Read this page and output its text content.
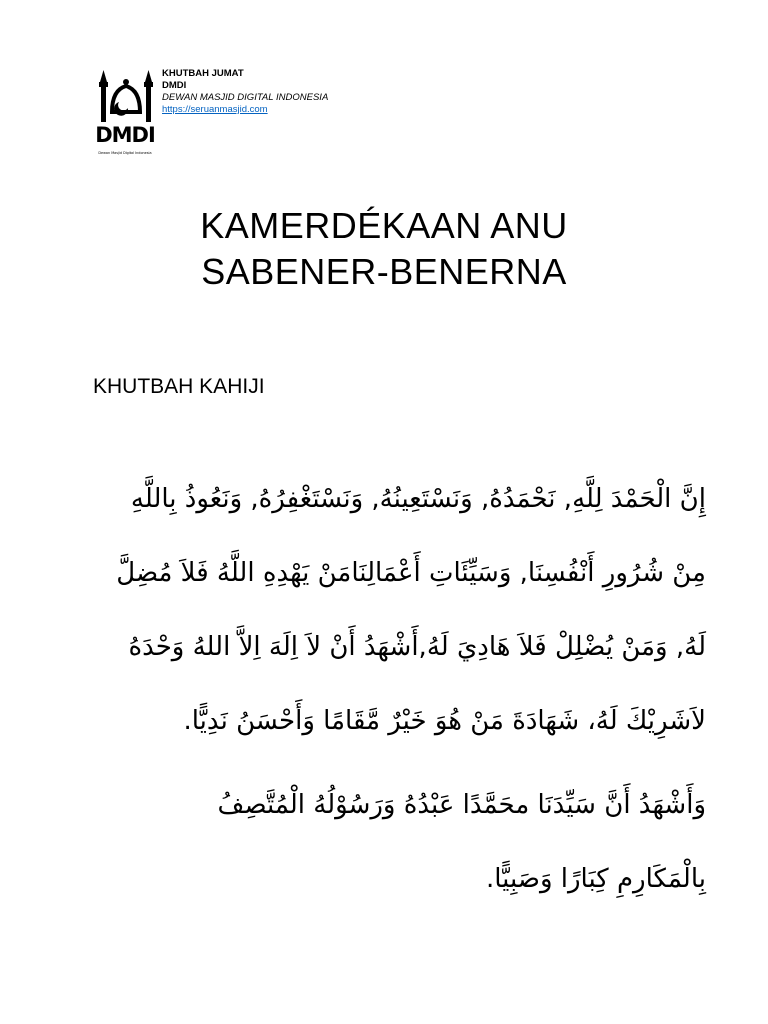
DMDI
Dewan Masjid Digital Indonesia
KHUTBAH JUMAT
DMDI
DEWAN MASJID DIGITAL INDONESIA
https://seruanmasjid.com
KAMERDÉKAAN ANU
SABENER-BENERNA
KHUTBAH KAHIJI
إِنَّ الْحَمْدَ لِلَّهِ, نَحْمَدُهُ, وَنَسْتَعِينُهُ, وَنَسْتَغْفِرُهُ, وَنَعُوذُ بِاللَّهِ
مِنْ شُرُورِ أَنْفُسِنَا, وَسَيِّئَاتِ أَعْمَالِنَامَنْ يَهْدِهِ اللَّهُ فَلاَ مُضِلَّ
لَهُ, وَمَنْ يُضْلِلْ فَلاَ هَادِيَ لَهُ,أَشْهَدُ أَنْ لاَ اِلَهَ اِلاَّ اللهُ وَحْدَهُ
لاَشَرِيْكَ لَهُ، شَهَادَةَ مَنْ هُوَ خَيْرٌ مَّقَامًا وَأَحْسَنُ نَدِيًّا.
وَأَشْهَدُ أَنَّ سَيِّدَنَا محَمَّدًا عَبْدُهُ وَرَسُوْلُهُ الْمُتَّصِفُ
بِالْمَكَارِمِ كِبَارًا وَصَبِيًّا.
